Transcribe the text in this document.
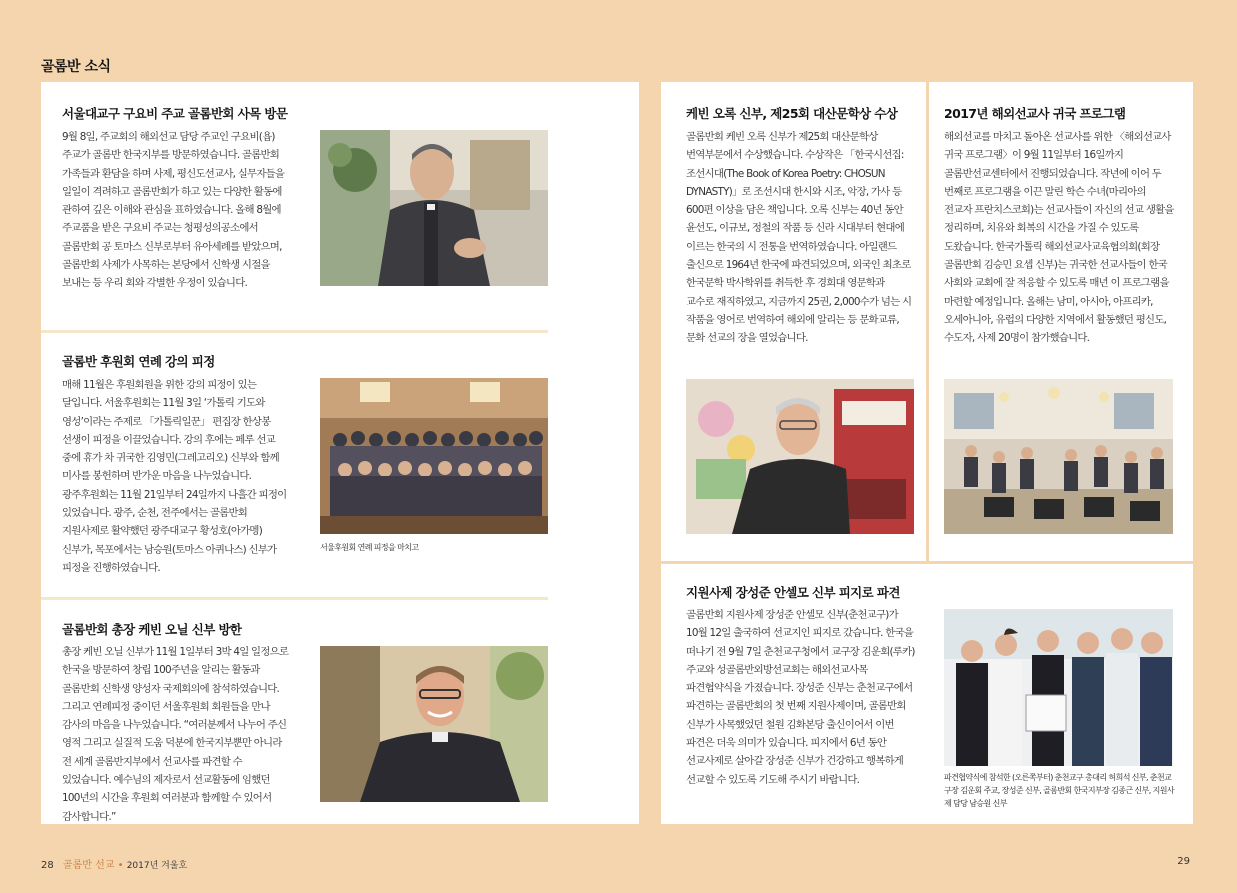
골롬반 소식
서울대교구 구요비 주교 골롬반회 사목 방문
9월 8일, 주교회의 해외선교 담당 주교인 구요비(욥) 주교가 골롬반 한국지부를 방문하였습니다. 골롬반회 가족들과 환담을 하며 사제, 평신도선교사, 실무자들을 일일이 격려하고 골롬반회가 하고 있는 다양한 활동에 관하여 깊은 이해와 관심을 표하였습니다. 올해 8월에 주교품을 받은 구요비 주교는 청평성의공소에서 골롬반회 공 토마스 신부로부터 유아세례를 받았으며, 골롬반회 사제가 사목하는 본당에서 신학생 시절을 보내는 등 우리 회와 각별한 우정이 있습니다.
골롬반 후원회 연례 강의 피정
매해 11월은 후원회원을 위한 강의 피정이 있는 달입니다. 서울후원회는 11월 3일 ‘가톨릭 기도와 영성’이라는 주제로 「가톨릭일꾼」 편집장 한상봉 선생이 피정을 이끌었습니다. 강의 후에는 페루 선교 중에 휴가 차 귀국한 김영민(그레고리오) 신부와 함께 미사를 봉헌하며 반가운 마음을 나누었습니다. 광주후원회는 11월 21일부터 24일까지 나흘간 피정이 있었습니다. 광주, 순천, 전주에서는 골롬반회 지원사제로 활약했던 광주대교구 황성호(아가멩) 신부가, 목포에서는 남승원(토마스 아퀴나스) 신부가 피정을 진행하였습니다.
서울후원회 연례 피정을 마치고
골롬반회 총장 케빈 오닐 신부 방한
총장 케빈 오닐 신부가 11월 1일부터 3박 4일 일정으로 한국을 방문하여 창립 100주년을 알리는 활동과 골롬반회 신학생 양성자 국제회의에 참석하였습니다. 그리고 연례피정 중이던 서울후원회 회원들을 만나 감사의 마음을 나누었습니다. “여러분께서 나누어 주신 영적 그리고 실질적 도움 덕분에 한국지부뿐만 아니라 전 세계 골롬반지부에서 선교사를 파견할 수 있었습니다. 예수님의 제자로서 선교활동에 임했던 100년의 시간을 후원회 여러분과 함께할 수 있어서 감사합니다.”
케빈 오록 신부, 제25회 대산문학상 수상
골롬반회 케빈 오록 신부가 제25회 대산문학상 번역부문에서 수상했습니다. 수상작은 「한국시선집: 조선시대(The Book of Korea Poetry: CHOSUN DYNASTY)」로 조선시대 한시와 시조, 악장, 가사 등 600편 이상을 담은 책입니다. 오록 신부는 40년 동안 윤선도, 이규보, 정철의 작품 등 신라 시대부터 현대에 이르는 한국의 시 전통을 번역하였습니다. 아일랜드 출신으로 1964년 한국에 파견되었으며, 외국인 최초로 한국문학 박사학위를 취득한 후 경희대 영문학과 교수로 재직하였고, 지금까지 25권, 2,000수가 넘는 시 작품을 영어로 번역하여 해외에 알리는 등 문화교류, 문화 선교의 장을 열었습니다.
2017년 해외선교사 귀국 프로그램
해외선교를 마치고 돌아온 선교사를 위한 〈해외선교사 귀국 프로그램〉이 9월 11일부터 16일까지 골롬반선교센터에서 진행되었습니다. 작년에 이어 두 번째로 프로그램을 이끈 말린 학슨 수녀(마리아의 전교자 프란치스코회)는 선교사들이 자신의 선교 생활을 정리하며, 치유와 회복의 시간을 가질 수 있도록 도왔습니다. 한국가톨릭 해외선교사교육협의회(회장 골롬반회 김승민 요셉 신부)는 귀국한 선교사들이 한국 사회와 교회에 잘 적응할 수 있도록 매년 이 프로그램을 마련할 예정입니다. 올해는 남미, 아시아, 아프리카, 오세아니아, 유럽의 다양한 지역에서 활동했던 평신도, 수도자, 사제 20명이 참가했습니다.
지원사제 장성준 안셀모 신부 피지로 파견
골롬반회 지원사제 장성준 안셀모 신부(춘천교구)가 10월 12일 출국하여 선교지인 피지로 갔습니다. 한국을 떠나기 전 9월 7일 춘천교구청에서 교구장 김운회(루카) 주교와 성골롬반외방선교회는 해외선교사목 파견협약식을 가졌습니다. 장성준 신부는 춘천교구에서 파견하는 골롬반회의 첫 번째 지원사제이며, 골롬반회 신부가 사목했었던 철원 김화본당 출신이어서 이번 파견은 더욱 의미가 있습니다. 피지에서 6년 동안 선교사제로 살아갈 장성준 신부가 건강하고 행복하게 선교할 수 있도록 기도해 주시기 바랍니다.	파견협약식에 참석한 (오른쪽부터) 춘천교구 총대리 허희석 신부, 춘천교구장 김운회 주교, 장성준 신부, 골롬반회 한국지부장 김종근 신부, 지원사제 담당 남승원 신부
28 골롬반 선교 • 2017년 겨울호	29
